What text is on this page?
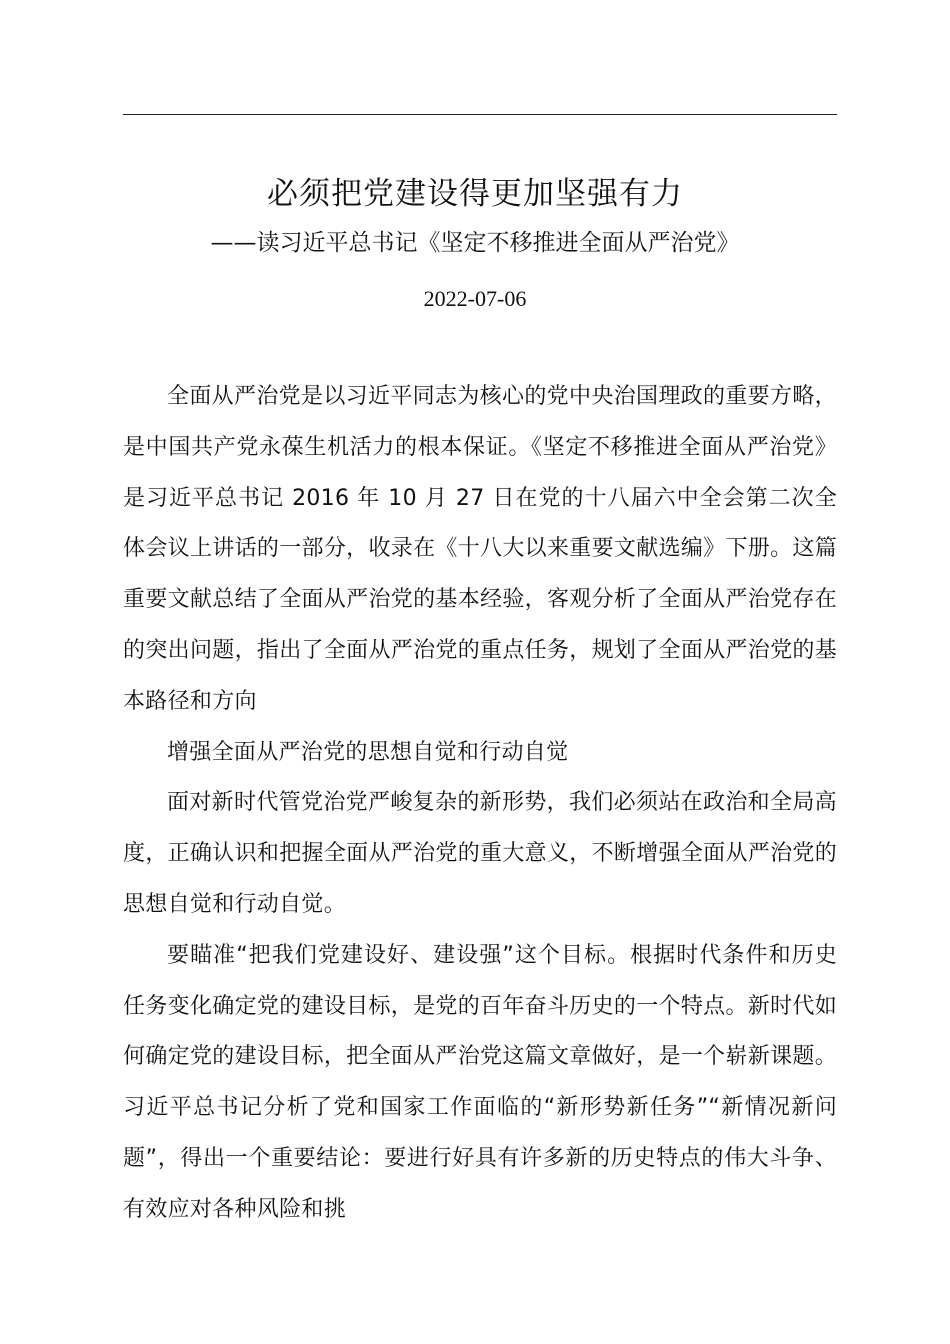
必须把党建设得更加坚强有力

——读习近平总书记《坚定不移推进全面从严治党》

2022-07-06

全面从严治党是以习近平同志为核心的党中央治国理政的重要方略，是中国共产党永葆生机活力的根本保证。《坚定不移推进全面从严治党》是习近平总书记 2016 年 10 月 27 日在党的十八届六中全会第二次全体会议上讲话的一部分，收录在《十八大以来重要文献选编》下册。这篇重要文献总结了全面从严治党的基本经验，客观分析了全面从严治党存在的突出问题，指出了全面从严治党的重点任务，规划了全面从严治党的基本路径和方向

增强全面从严治党的思想自觉和行动自觉

面对新时代管党治党严峻复杂的新形势，我们必须站在政治和全局高度，正确认识和把握全面从严治党的重大意义，不断增强全面从严治党的思想自觉和行动自觉。

要瞄准“把我们党建设好、建设强”这个目标。根据时代条件和历史任务变化确定党的建设目标，是党的百年奋斗历史的一个特点。新时代如何确定党的建设目标，把全面从严治党这篇文章做好，是一个崭新课题。习近平总书记分析了党和国家工作面临的“新形势新任务”“新情况新问题”，得出一个重要结论：要进行好具有许多新的历史特点的伟大斗争、有效应对各种风险和挑
